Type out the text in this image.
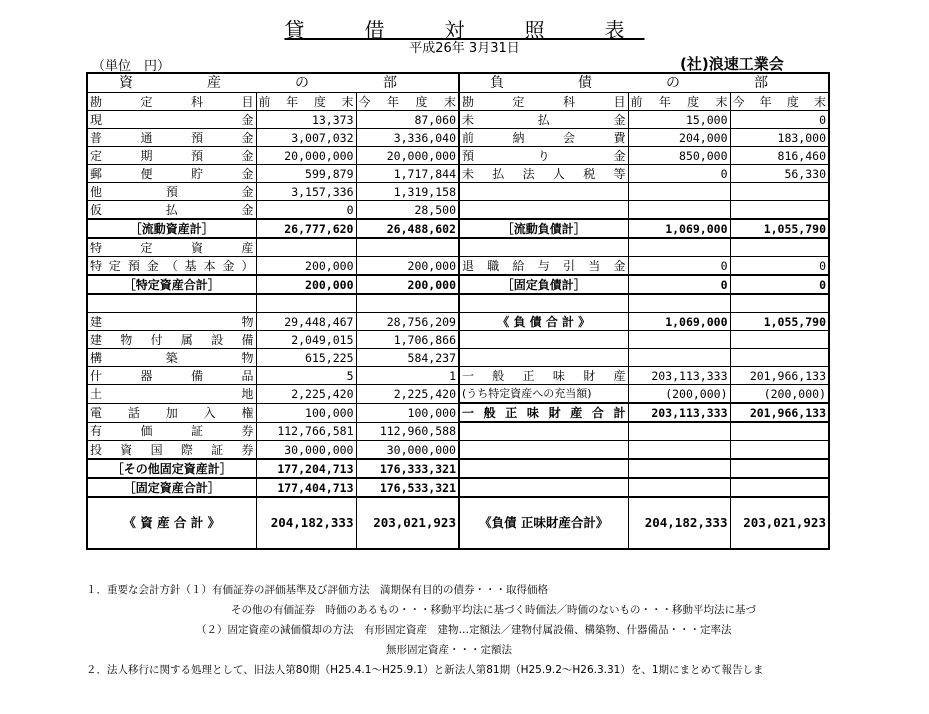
貸　借　対　照　表
平成26年 3月31日
（単位　円）	(社)浪速工業会
資　産　の　部			負　債　の　部		
勘　定　科　目	前　年　度　末	今　年　度　末	勘　定　科　目	前　年　度　末	今　年　度　末
現金	13,373	87,060	未払金	15,000	0
普通預金	3,007,032	3,336,040	前納会費	204,000	183,000
定期預金	20,000,000	20,000,000	預り金	850,000	816,460
郵便貯金	599,879	1,717,844	未払法人税等	0	56,330
他預金	3,157,336	1,319,158			
仮払金	0	28,500			
［流動資産計］	26,777,620	26,488,602	［流動負債計］	1,069,000	1,055,790
特定資産					
特定預金（基本金）	200,000	200,000	退職給与引当金	0	0
［特定資産合計］	200,000	200,000	［固定負債計］	0	0

建物	29,448,467	28,756,209	《 負 債 合 計 》	1,069,000	1,055,790
建物付属設備	2,049,015	1,706,866			
構築物	615,225	584,237			
什器備品	5	1	一般正味財産	203,113,333	201,966,133
土地	2,225,420	2,225,420	(うち特定資産への充当額)	(200,000)	(200,000)
電話加入権	100,000	100,000	一般正味財産合計	203,113,333	201,966,133
有価証券	112,766,581	112,960,588			
投資国際証券	30,000,000	30,000,000			
［その他固定資産計］	177,204,713	176,333,321			
［固定資産合計］	177,404,713	176,533,321			
《 資 産 合 計 》	204,182,333	203,021,923	《負債 正味財産合計》	204,182,333	203,021,923
１．重要な会計方針（１）有価証券の評価基準及び評価方法　満期保有目的の債券・・・取得価格
その他の有価証券　時価のあるもの・・・移動平均法に基づく時価法／時価のないもの・・・移動平均法に基づ
（２）固定資産の減価償却の方法　有形固定資産　建物…定額法／建物付属設備、構築物、什器備品・・・定率法
無形固定資産・・・定額法
２．法人移行に関する処理として、旧法人第80期（H25.4.1～H25.9.1）と新法人第81期（H25.9.2～H26.3.31）を、1期にまとめて報告しま
